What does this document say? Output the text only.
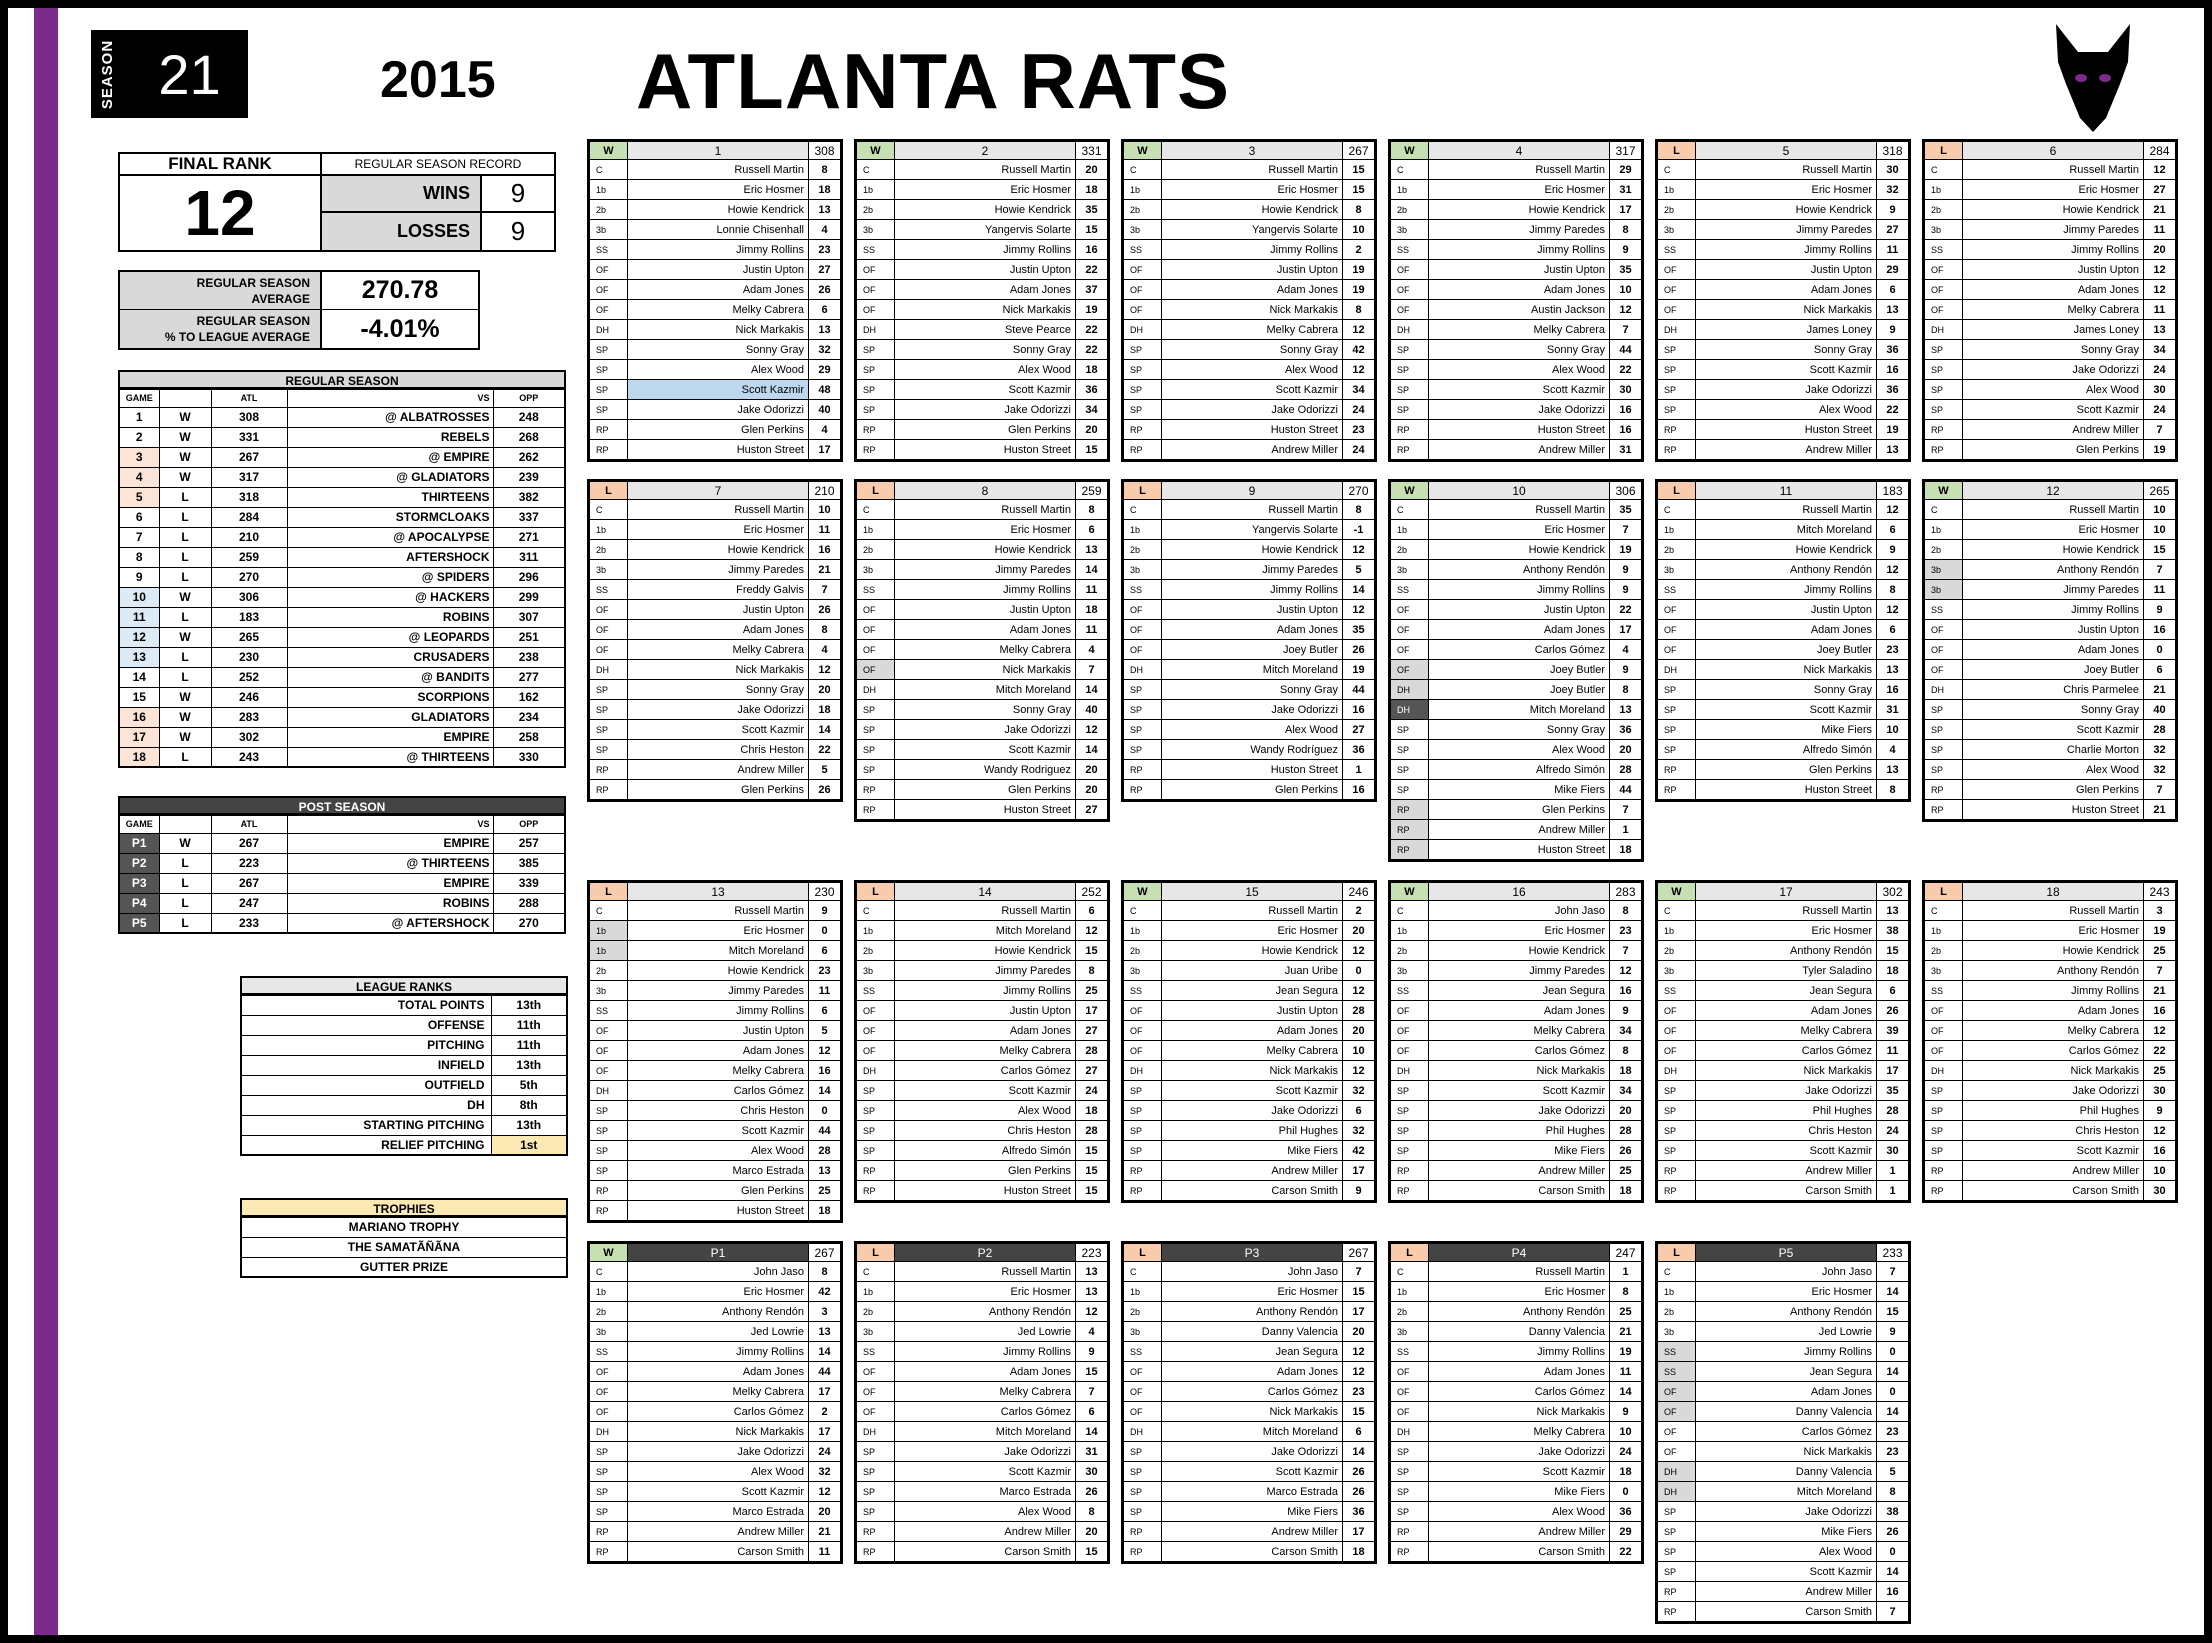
SEASON 21	2015 ATLANTA RATS
FINAL RANK
12
REGULAR SEASON RECORD
WINS	9
LOSSES	9
REGULAR SEASON
AVERAGE	270.78
REGULAR SEASON
% TO LEAGUE AVERAGE	-4.01%
REGULAR SEASON
GAME		ATL	VS	OPP
1	W	308	@ ALBATROSSES	248
2	W	331	REBELS	268
3	W	267	@ EMPIRE	262
4	W	317	@ GLADIATORS	239
5	L	318	THIRTEENS	382
6	L	284	STORMCLOAKS	337
7	L	210	@ APOCALYPSE	271
8	L	259	AFTERSHOCK	311
9	L	270	@ SPIDERS	296
10	W	306	@ HACKERS	299
11	L	183	ROBINS	307
12	W	265	@ LEOPARDS	251
13	L	230	CRUSADERS	238
14	L	252	@ BANDITS	277
15	W	246	SCORPIONS	162
16	W	283	GLADIATORS	234
17	W	302	EMPIRE	258
18	L	243	@ THIRTEENS	330
POST SEASON
GAME		ATL	VS	OPP
P1	W	267	EMPIRE	257
P2	L	223	@ THIRTEENS	385
P3	L	267	EMPIRE	339
P4	L	247	ROBINS	288
P5	L	233	@ AFTERSHOCK	270
LEAGUE RANKS
TOTAL POINTS	13th
OFFENSE	11th
PITCHING	11th
INFIELD	13th
OUTFIELD	5th
DH	8th
STARTING PITCHING	13th
RELIEF PITCHING	1st
TROPHIES
MARIANO TROPHY
THE SAMATÃÑÃNA
GUTTER PRIZE
W	1	308
C	Russell Martin	8
1b	Eric Hosmer	18
2b	Howie Kendrick	13
3b	Lonnie Chisenhall	4
SS	Jimmy Rollins	23
OF	Justin Upton	27
OF	Adam Jones	26
OF	Melky Cabrera	6
DH	Nick Markakis	13
SP	Sonny Gray	32
SP	Alex Wood	29
SP	Scott Kazmir	48
SP	Jake Odorizzi	40
RP	Glen Perkins	4
RP	Huston Street	17
W	2	331
C	Russell Martin	20
1b	Eric Hosmer	18
2b	Howie Kendrick	35
3b	Yangervis Solarte	15
SS	Jimmy Rollins	16
OF	Justin Upton	22
OF	Adam Jones	37
OF	Nick Markakis	19
DH	Steve Pearce	22
SP	Sonny Gray	22
SP	Alex Wood	18
SP	Scott Kazmir	36
SP	Jake Odorizzi	34
RP	Glen Perkins	20
RP	Huston Street	15
W	3	267
C	Russell Martin	15
1b	Eric Hosmer	15
2b	Howie Kendrick	8
3b	Yangervis Solarte	10
SS	Jimmy Rollins	2
OF	Justin Upton	19
OF	Adam Jones	19
OF	Nick Markakis	8
DH	Melky Cabrera	12
SP	Sonny Gray	42
SP	Alex Wood	12
SP	Scott Kazmir	34
SP	Jake Odorizzi	24
RP	Huston Street	23
RP	Andrew Miller	24
W	4	317
C	Russell Martin	29
1b	Eric Hosmer	31
2b	Howie Kendrick	17
3b	Jimmy Paredes	8
SS	Jimmy Rollins	9
OF	Justin Upton	35
OF	Adam Jones	10
OF	Austin Jackson	12
DH	Melky Cabrera	7
SP	Sonny Gray	44
SP	Alex Wood	22
SP	Scott Kazmir	30
SP	Jake Odorizzi	16
RP	Huston Street	16
RP	Andrew Miller	31
L	5	318
C	Russell Martin	30
1b	Eric Hosmer	32
2b	Howie Kendrick	9
3b	Jimmy Paredes	27
SS	Jimmy Rollins	11
OF	Justin Upton	29
OF	Adam Jones	6
OF	Nick Markakis	13
DH	James Loney	9
SP	Sonny Gray	36
SP	Scott Kazmir	16
SP	Jake Odorizzi	36
SP	Alex Wood	22
RP	Huston Street	19
RP	Andrew Miller	13
L	6	284
C	Russell Martin	12
1b	Eric Hosmer	27
2b	Howie Kendrick	21
3b	Jimmy Paredes	11
SS	Jimmy Rollins	20
OF	Justin Upton	12
OF	Adam Jones	12
OF	Melky Cabrera	11
DH	James Loney	13
SP	Sonny Gray	34
SP	Jake Odorizzi	24
SP	Alex Wood	30
SP	Scott Kazmir	24
RP	Andrew Miller	7
RP	Glen Perkins	19
L	7	210
C	Russell Martin	10
1b	Eric Hosmer	11
2b	Howie Kendrick	16
3b	Jimmy Paredes	21
SS	Freddy Galvis	7
OF	Justin Upton	26
OF	Adam Jones	8
OF	Melky Cabrera	4
DH	Nick Markakis	12
SP	Sonny Gray	20
SP	Jake Odorizzi	18
SP	Scott Kazmir	14
SP	Chris Heston	22
RP	Andrew Miller	5
RP	Glen Perkins	26
L	8	259
C	Russell Martin	8
1b	Eric Hosmer	6
2b	Howie Kendrick	13
3b	Jimmy Paredes	14
SS	Jimmy Rollins	11
OF	Justin Upton	18
OF	Adam Jones	11
OF	Melky Cabrera	4
OF	Nick Markakis	7
DH	Mitch Moreland	14
SP	Sonny Gray	40
SP	Jake Odorizzi	12
SP	Scott Kazmir	14
SP	Wandy Rodriguez	20
RP	Glen Perkins	20
RP	Huston Street	27
L	9	270
C	Russell Martin	8
1b	Yangervis Solarte	-1
2b	Howie Kendrick	12
3b	Jimmy Paredes	5
SS	Jimmy Rollins	14
OF	Justin Upton	12
OF	Adam Jones	35
OF	Joey Butler	26
DH	Mitch Moreland	19
SP	Sonny Gray	44
SP	Jake Odorizzi	16
SP	Alex Wood	27
SP	Wandy Rodríguez	36
RP	Huston Street	1
RP	Glen Perkins	16
W	10	306
C	Russell Martin	35
1b	Eric Hosmer	7
2b	Howie Kendrick	19
3b	Anthony Rendón	9
SS	Jimmy Rollins	9
OF	Justin Upton	22
OF	Adam Jones	17
OF	Carlos Gómez	4
OF	Joey Butler	9
DH	Joey Butler	8
DH	Mitch Moreland	13
SP	Sonny Gray	36
SP	Alex Wood	20
SP	Alfredo Simón	28
SP	Mike Fiers	44
RP	Glen Perkins	7
RP	Andrew Miller	1
RP	Huston Street	18
L	11	183
C	Russell Martin	12
1b	Mitch Moreland	6
2b	Howie Kendrick	9
3b	Anthony Rendón	12
SS	Jimmy Rollins	8
OF	Justin Upton	12
OF	Adam Jones	6
OF	Joey Butler	23
DH	Nick Markakis	13
SP	Sonny Gray	16
SP	Scott Kazmir	31
SP	Mike Fiers	10
SP	Alfredo Simón	4
RP	Glen Perkins	13
RP	Huston Street	8
W	12	265
C	Russell Martin	10
1b	Eric Hosmer	10
2b	Howie Kendrick	15
3b	Anthony Rendón	7
3b	Jimmy Paredes	11
SS	Jimmy Rollins	9
OF	Justin Upton	16
OF	Adam Jones	0
OF	Joey Butler	6
DH	Chris Parmelee	21
SP	Sonny Gray	40
SP	Scott Kazmir	28
SP	Charlie Morton	32
SP	Alex Wood	32
RP	Glen Perkins	7
RP	Huston Street	21
L	13	230
C	Russell Martin	9
1b	Eric Hosmer	0
1b	Mitch Moreland	6
2b	Howie Kendrick	23
3b	Jimmy Paredes	11
SS	Jimmy Rollins	6
OF	Justin Upton	5
OF	Adam Jones	12
OF	Melky Cabrera	16
DH	Carlos Gómez	14
SP	Chris Heston	0
SP	Scott Kazmir	44
SP	Alex Wood	28
SP	Marco Estrada	13
RP	Glen Perkins	25
RP	Huston Street	18
L	14	252
C	Russell Martin	6
1b	Mitch Moreland	12
2b	Howie Kendrick	15
3b	Jimmy Paredes	8
SS	Jimmy Rollins	25
OF	Justin Upton	17
OF	Adam Jones	27
OF	Melky Cabrera	28
DH	Carlos Gómez	27
SP	Scott Kazmir	24
SP	Alex Wood	18
SP	Chris Heston	28
SP	Alfredo Simón	15
RP	Glen Perkins	15
RP	Huston Street	15
W	15	246
C	Russell Martin	2
1b	Eric Hosmer	20
2b	Howie Kendrick	12
3b	Juan Uribe	0
SS	Jean Segura	12
OF	Justin Upton	28
OF	Adam Jones	20
OF	Melky Cabrera	10
DH	Nick Markakis	12
SP	Scott Kazmir	32
SP	Jake Odorizzi	6
SP	Phil Hughes	32
SP	Mike Fiers	42
RP	Andrew Miller	17
RP	Carson Smith	9
W	16	283
C	John Jaso	8
1b	Eric Hosmer	23
2b	Howie Kendrick	7
3b	Jimmy Paredes	12
SS	Jean Segura	16
OF	Adam Jones	9
OF	Melky Cabrera	34
OF	Carlos Gómez	8
DH	Nick Markakis	18
SP	Scott Kazmir	34
SP	Jake Odorizzi	20
SP	Phil Hughes	28
SP	Mike Fiers	26
RP	Andrew Miller	25
RP	Carson Smith	18
W	17	302
C	Russell Martin	13
1b	Eric Hosmer	38
2b	Anthony Rendón	15
3b	Tyler Saladino	18
SS	Jean Segura	6
OF	Adam Jones	26
OF	Melky Cabrera	39
OF	Carlos Gómez	11
DH	Nick Markakis	17
SP	Jake Odorizzi	35
SP	Phil Hughes	28
SP	Chris Heston	24
SP	Scott Kazmir	30
RP	Andrew Miller	1
RP	Carson Smith	1
L	18	243
C	Russell Martin	3
1b	Eric Hosmer	19
2b	Howie Kendrick	25
3b	Anthony Rendón	7
SS	Jimmy Rollins	21
OF	Adam Jones	16
OF	Melky Cabrera	12
OF	Carlos Gómez	22
DH	Nick Markakis	25
SP	Jake Odorizzi	30
SP	Phil Hughes	9
SP	Chris Heston	12
SP	Scott Kazmir	16
RP	Andrew Miller	10
RP	Carson Smith	30
W	P1	267
C	John Jaso	8
1b	Eric Hosmer	42
2b	Anthony Rendón	3
3b	Jed Lowrie	13
SS	Jimmy Rollins	14
OF	Adam Jones	44
OF	Melky Cabrera	17
OF	Carlos Gómez	2
DH	Nick Markakis	17
SP	Jake Odorizzi	24
SP	Alex Wood	32
SP	Scott Kazmir	12
SP	Marco Estrada	20
RP	Andrew Miller	21
RP	Carson Smith	11
L	P2	223
C	Russell Martin	13
1b	Eric Hosmer	13
2b	Anthony Rendón	12
3b	Jed Lowrie	4
SS	Jimmy Rollins	9
OF	Adam Jones	15
OF	Melky Cabrera	7
OF	Carlos Gómez	6
DH	Mitch Moreland	14
SP	Jake Odorizzi	31
SP	Scott Kazmir	30
SP	Marco Estrada	26
SP	Alex Wood	8
RP	Andrew Miller	20
RP	Carson Smith	15
L	P3	267
C	John Jaso	7
1b	Eric Hosmer	15
2b	Anthony Rendón	17
3b	Danny Valencia	20
SS	Jean Segura	12
OF	Adam Jones	12
OF	Carlos Gómez	23
OF	Nick Markakis	15
DH	Mitch Moreland	6
SP	Jake Odorizzi	14
SP	Scott Kazmir	26
SP	Marco Estrada	26
SP	Mike Fiers	36
RP	Andrew Miller	17
RP	Carson Smith	18
L	P4	247
C	Russell Martin	1
1b	Eric Hosmer	8
2b	Anthony Rendón	25
3b	Danny Valencia	21
SS	Jimmy Rollins	19
OF	Adam Jones	11
OF	Carlos Gómez	14
OF	Nick Markakis	9
DH	Melky Cabrera	10
SP	Jake Odorizzi	24
SP	Scott Kazmir	18
SP	Mike Fiers	0
SP	Alex Wood	36
RP	Andrew Miller	29
RP	Carson Smith	22
L	P5	233
C	John Jaso	7
1b	Eric Hosmer	14
2b	Anthony Rendón	15
3b	Jed Lowrie	9
SS	Jimmy Rollins	0
SS	Jean Segura	14
OF	Adam Jones	0
OF	Danny Valencia	14
OF	Carlos Gómez	23
OF	Nick Markakis	23
DH	Danny Valencia	5
DH	Mitch Moreland	8
SP	Jake Odorizzi	38
SP	Mike Fiers	26
SP	Alex Wood	0
SP	Scott Kazmir	14
RP	Andrew Miller	16
RP	Carson Smith	7
